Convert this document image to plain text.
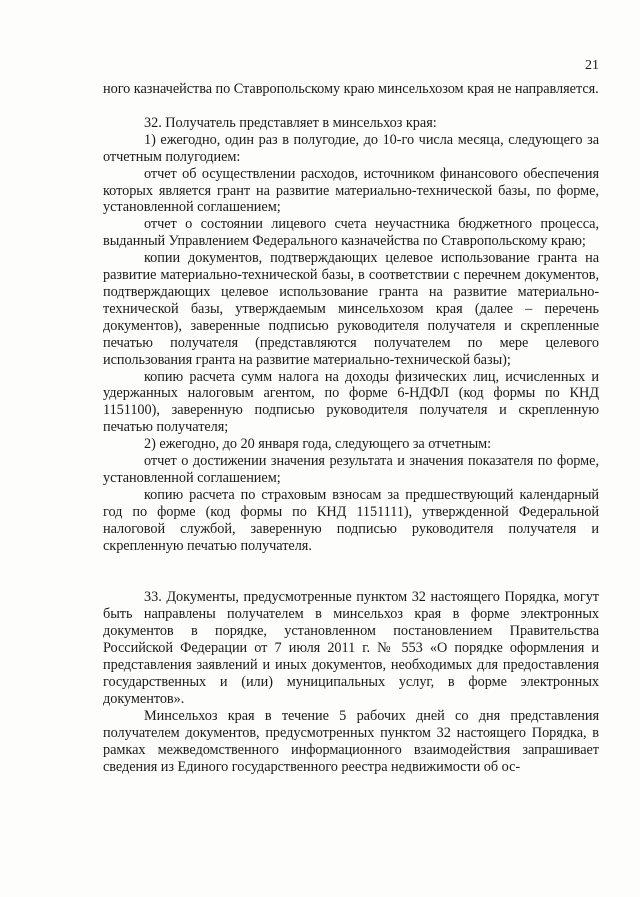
21

ного казначейства по Ставропольскому краю минсельхозом края не направляется.

32. Получатель представляет в минсельхоз края:

1) ежегодно, один раз в полугодие, до 10-го числа месяца, следующего за отчетным полугодием:

отчет об осуществлении расходов, источником финансового обеспечения которых является грант на развитие материально-технической базы, по форме, установленной соглашением;

отчет о состоянии лицевого счета неучастника бюджетного процесса, выданный Управлением Федерального казначейства по Ставропольскому краю;

копии документов, подтверждающих целевое использование гранта на развитие материально-технической базы, в соответствии с перечнем документов, подтверждающих целевое использование гранта на развитие материально-технической базы, утверждаемым минсельхозом края (далее – перечень документов), заверенные подписью руководителя получателя и скрепленные печатью получателя (представляются получателем по мере целевого использования гранта на развитие материально-технической базы);

копию расчета сумм налога на доходы физических лиц, исчисленных и удержанных налоговым агентом, по форме 6-НДФЛ (код формы по КНД 1151100), заверенную подписью руководителя получателя и скрепленную печатью получателя;

2) ежегодно, до 20 января года, следующего за отчетным:

отчет о достижении значения результата и значения показателя по форме, установленной соглашением;

копию расчета по страховым взносам за предшествующий календарный год по форме (код формы по КНД 1151111), утвержденной Федеральной налоговой службой, заверенную подписью руководителя получателя и скрепленную печатью получателя.

33. Документы, предусмотренные пунктом 32 настоящего Порядка, могут быть направлены получателем в минсельхоз края в форме электронных документов в порядке, установленном постановлением Правительства Российской Федерации от 7 июля 2011 г. № 553 «О порядке оформления и представления заявлений и иных документов, необходимых для предоставления государственных и (или) муниципальных услуг, в форме электронных документов».

Минсельхоз края в течение 5 рабочих дней со дня представления получателем документов, предусмотренных пунктом 32 настоящего Порядка, в рамках межведомственного информационного взаимодействия запрашивает сведения из Единого государственного реестра недвижимости об ос-
